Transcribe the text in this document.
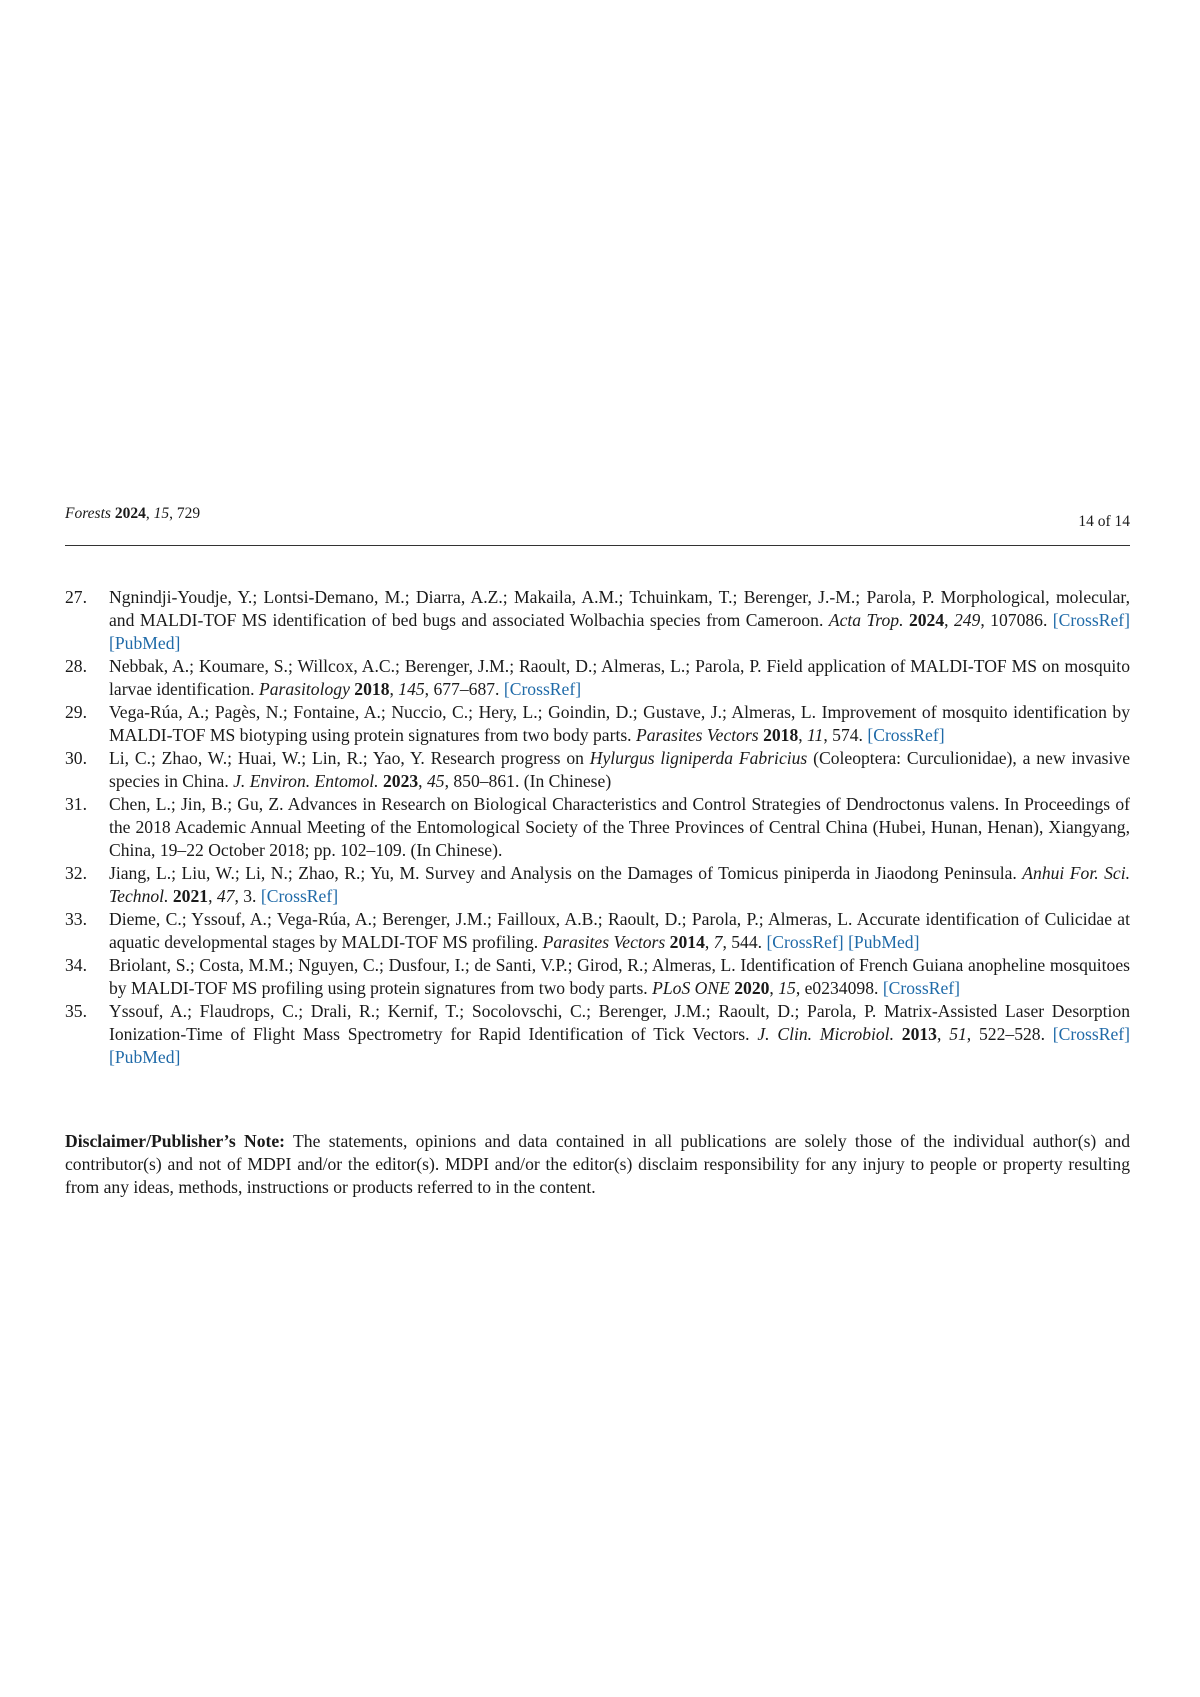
Forests 2024, 15, 729	14 of 14
27. Ngnindji-Youdje, Y.; Lontsi-Demano, M.; Diarra, A.Z.; Makaila, A.M.; Tchuinkam, T.; Berenger, J.-M.; Parola, P. Morphological, molecular, and MALDI-TOF MS identification of bed bugs and associated Wolbachia species from Cameroon. Acta Trop. 2024, 249, 107086. [CrossRef] [PubMed]
28. Nebbak, A.; Koumare, S.; Willcox, A.C.; Berenger, J.M.; Raoult, D.; Almeras, L.; Parola, P. Field application of MALDI-TOF MS on mosquito larvae identification. Parasitology 2018, 145, 677–687. [CrossRef]
29. Vega-Rúa, A.; Pagès, N.; Fontaine, A.; Nuccio, C.; Hery, L.; Goindin, D.; Gustave, J.; Almeras, L. Improvement of mosquito identification by MALDI-TOF MS biotyping using protein signatures from two body parts. Parasites Vectors 2018, 11, 574. [CrossRef]
30. Li, C.; Zhao, W.; Huai, W.; Lin, R.; Yao, Y. Research progress on Hylurgus ligniperda Fabricius (Coleoptera: Curculionidae), a new invasive species in China. J. Environ. Entomol. 2023, 45, 850–861. (In Chinese)
31. Chen, L.; Jin, B.; Gu, Z. Advances in Research on Biological Characteristics and Control Strategies of Dendroctonus valens. In Proceedings of the 2018 Academic Annual Meeting of the Entomological Society of the Three Provinces of Central China (Hubei, Hunan, Henan), Xiangyang, China, 19–22 October 2018; pp. 102–109. (In Chinese).
32. Jiang, L.; Liu, W.; Li, N.; Zhao, R.; Yu, M. Survey and Analysis on the Damages of Tomicus piniperda in Jiaodong Peninsula. Anhui For. Sci. Technol. 2021, 47, 3. [CrossRef]
33. Dieme, C.; Yssouf, A.; Vega-Rúa, A.; Berenger, J.M.; Failloux, A.B.; Raoult, D.; Parola, P.; Almeras, L. Accurate identification of Culicidae at aquatic developmental stages by MALDI-TOF MS profiling. Parasites Vectors 2014, 7, 544. [CrossRef] [PubMed]
34. Briolant, S.; Costa, M.M.; Nguyen, C.; Dusfour, I.; de Santi, V.P.; Girod, R.; Almeras, L. Identification of French Guiana anopheline mosquitoes by MALDI-TOF MS profiling using protein signatures from two body parts. PLoS ONE 2020, 15, e0234098. [CrossRef]
35. Yssouf, A.; Flaudrops, C.; Drali, R.; Kernif, T.; Socolovschi, C.; Berenger, J.M.; Raoult, D.; Parola, P. Matrix-Assisted Laser Desorption Ionization-Time of Flight Mass Spectrometry for Rapid Identification of Tick Vectors. J. Clin. Microbiol. 2013, 51, 522–528. [CrossRef] [PubMed]

Disclaimer/Publisher’s Note: The statements, opinions and data contained in all publications are solely those of the individual author(s) and contributor(s) and not of MDPI and/or the editor(s). MDPI and/or the editor(s) disclaim responsibility for any injury to people or property resulting from any ideas, methods, instructions or products referred to in the content.
